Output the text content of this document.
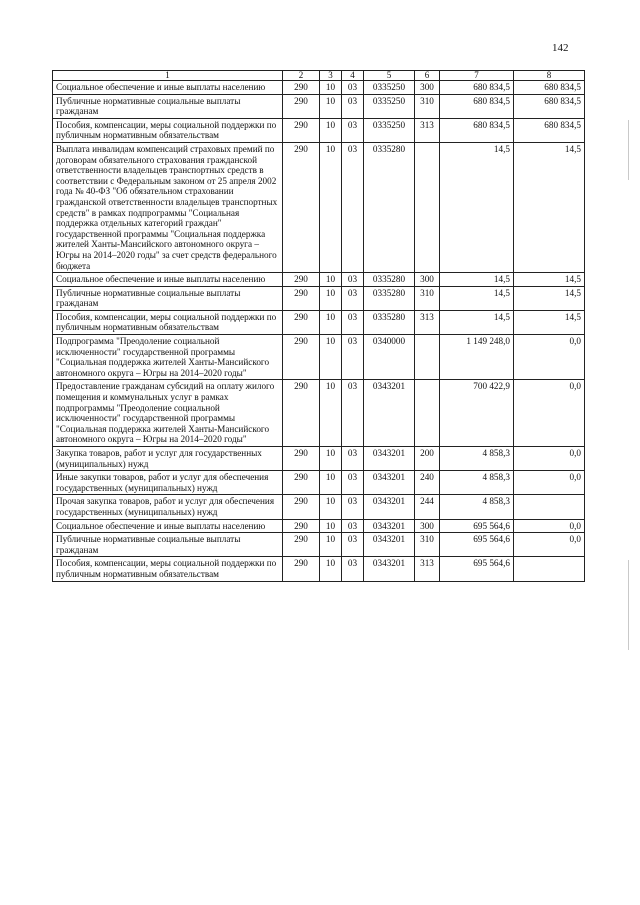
142
1	2	3	4	5	6	7	8
Социальное обеспечение и иные выплаты населению	290	10	03	0335250	300	680 834,5	680 834,5
Публичные нормативные социальные выплаты гражданам	290	10	03	0335250	310	680 834,5	680 834,5
Пособия, компенсации, меры социальной поддержки по публичным нормативным обязательствам	290	10	03	0335250	313	680 834,5	680 834,5
Выплата инвалидам компенсаций страховых премий по договорам обязательного страхования гражданской ответственности владельцев транспортных средств в соответствии с Федеральным законом от 25 апреля 2002 года № 40-ФЗ "Об обязательном страховании гражданской ответственности владельцев транспортных средств" в рамках подпрограммы "Социальная поддержка отдельных категорий граждан" государственной программы "Социальная поддержка жителей Ханты-Мансийского автономного округа – Югры на 2014–2020 годы" за счет средств федерального бюджета	290	10	03	0335280		14,5	14,5
Социальное обеспечение и иные выплаты населению	290	10	03	0335280	300	14,5	14,5
Публичные нормативные социальные выплаты гражданам	290	10	03	0335280	310	14,5	14,5
Пособия, компенсации, меры социальной поддержки по публичным нормативным обязательствам	290	10	03	0335280	313	14,5	14,5
Подпрограмма "Преодоление социальной исключенности" государственной программы "Социальная поддержка жителей Ханты-Мансийского автономного округа – Югры на 2014–2020 годы"	290	10	03	0340000		1 149 248,0	0,0
Предоставление гражданам субсидий на оплату жилого помещения и коммунальных услуг в рамках подпрограммы "Преодоление социальной исключенности" государственной программы "Социальная поддержка жителей Ханты-Мансийского автономного округа – Югры на 2014–2020 годы"	290	10	03	0343201		700 422,9	0,0
Закупка товаров, работ и услуг для государственных (муниципальных) нужд	290	10	03	0343201	200	4 858,3	0,0
Иные закупки товаров, работ и услуг для обеспечения государственных (муниципальных) нужд	290	10	03	0343201	240	4 858,3	0,0
Прочая закупка товаров, работ и услуг для обеспечения государственных (муниципальных) нужд	290	10	03	0343201	244	4 858,3	
Социальное обеспечение и иные выплаты населению	290	10	03	0343201	300	695 564,6	0,0
Публичные нормативные социальные выплаты гражданам	290	10	03	0343201	310	695 564,6	0,0
Пособия, компенсации, меры социальной поддержки по публичным нормативным обязательствам	290	10	03	0343201	313	695 564,6	
